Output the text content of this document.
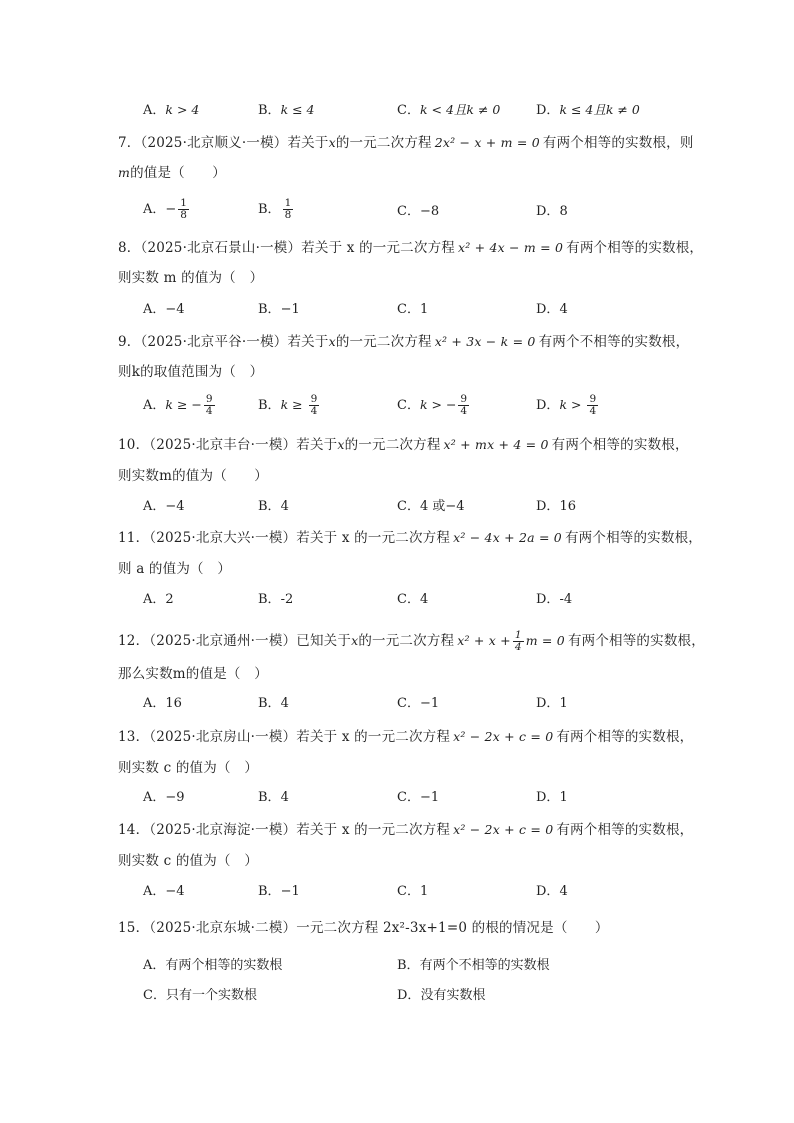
A．k > 4	B．k ≤ 4	C．k < 4且k ≠ 0	D．k ≤ 4且k ≠ 0
7．（2025·北京顺义·一模）若关于x的一元二次方程 2x² − x + m = 0 有两个相等的实数根，则
m的值是（　　）
A．− $\frac{1}{8}$	B． $\frac{1}{8}$	C．−8	D．8
8．（2025·北京石景山·一模）若关于 x 的一元二次方程 x² + 4x − m = 0 有两个相等的实数根，
则实数 m 的值为（　）
A．−4	B．−1	C．1	D．4
9．（2025·北京平谷·一模）若关于x的一元二次方程 x² + 3x − k = 0 有两个不相等的实数根，
则k的取值范围为（　）
A．k ≥ − $\frac{9}{4}$	B．$k \ge \frac{9}{4}$	C．k > − $\frac{9}{4}$	D．$k > \frac{9}{4}$
10．（2025·北京丰台·一模）若关于x的一元二次方程 x² + mx + 4 = 0 有两个相等的实数根，
则实数m的值为（　　）
A．−4	B．4	C．4 或−4	D．16
11．（2025·北京大兴·一模）若关于 x 的一元二次方程 x² − 4x + 2a = 0 有两个相等的实数根，
则 a 的值为（　）
A．2	B．-2	C．4	D．-4
12．（2025·北京通州·一模）已知关于x的一元二次方程 $x^2 + x + \frac{1}{4}$ m = 0 有两个相等的实数根，
那么实数m的值是（　）
A．16	B．4	C．−1	D．1
13．（2025·北京房山·一模）若关于 x 的一元二次方程 x² − 2x + c = 0 有两个相等的实数根，
则实数 c 的值为（　）
A．−9	B．4	C．−1	D．1
14．（2025·北京海淀·一模）若关于 x 的一元二次方程 x² − 2x + c = 0 有两个相等的实数根，
则实数 c 的值为（　）
A．−4	B．−1	C．1	D．4
15．（2025·北京东城·二模）一元二次方程 2x²-3x+1=0 的根的情况是（　　）
A．有两个相等的实数根	B．有两个不相等的实数根
C．只有一个实数根	D．没有实数根
